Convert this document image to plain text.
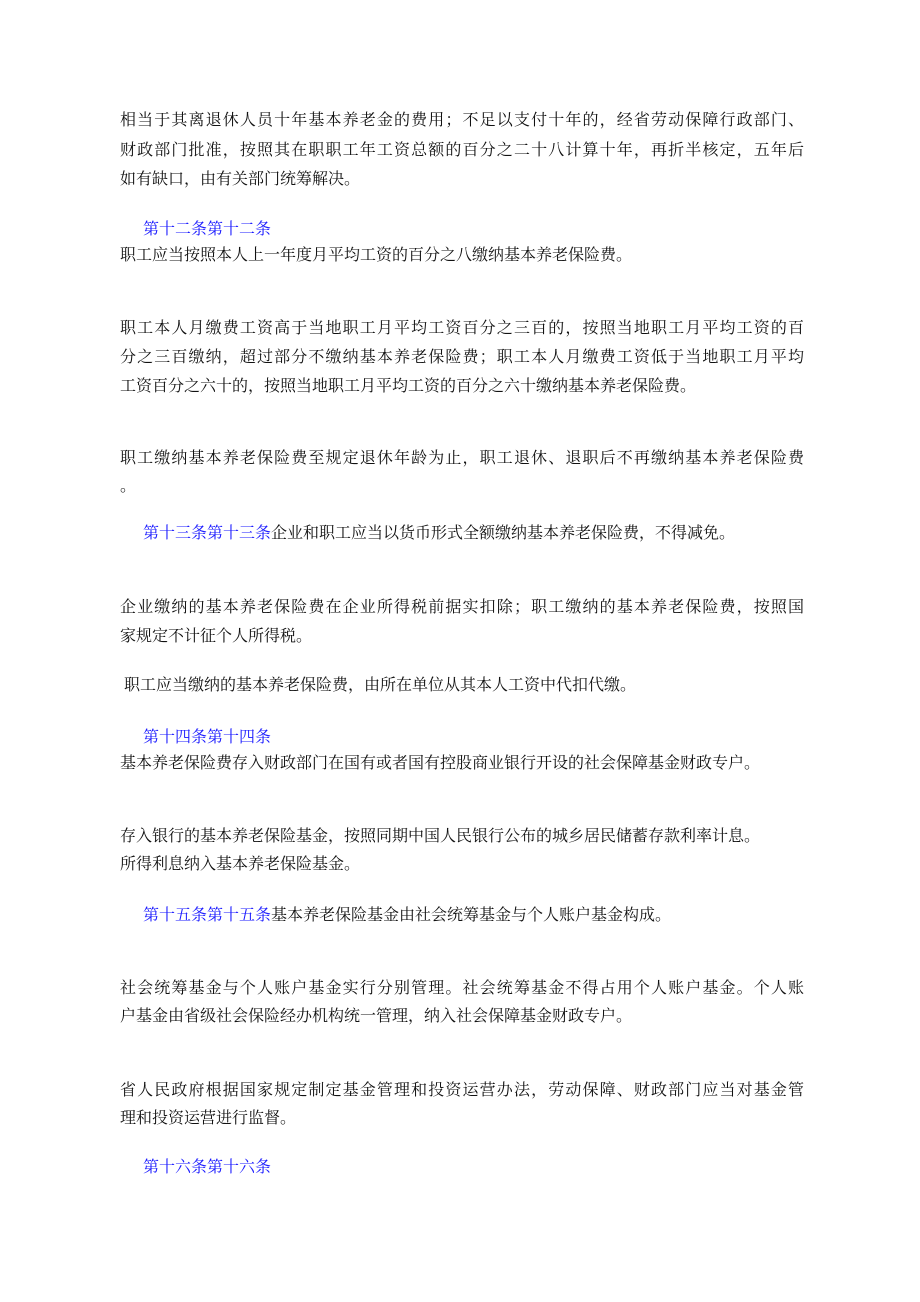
相当于其离退休人员十年基本养老金的费用；不足以支付十年的，经省劳动保障行政部门、
财政部门批准，按照其在职职工年工资总额的百分之二十八计算十年，再折半核定，五年后
如有缺口，由有关部门统筹解决。
第十二条第十二条
职工应当按照本人上一年度月平均工资的百分之八缴纳基本养老保险费。
职工本人月缴费工资高于当地职工月平均工资百分之三百的，按照当地职工月平均工资的百
分之三百缴纳，超过部分不缴纳基本养老保险费；职工本人月缴费工资低于当地职工月平均
工资百分之六十的，按照当地职工月平均工资的百分之六十缴纳基本养老保险费。
职工缴纳基本养老保险费至规定退休年龄为止，职工退休、退职后不再缴纳基本养老保险费
。
第十三条第十三条企业和职工应当以货币形式全额缴纳基本养老保险费，不得减免。
企业缴纳的基本养老保险费在企业所得税前据实扣除；职工缴纳的基本养老保险费，按照国
家规定不计征个人所得税。
职工应当缴纳的基本养老保险费，由所在单位从其本人工资中代扣代缴。
第十四条第十四条
基本养老保险费存入财政部门在国有或者国有控股商业银行开设的社会保障基金财政专户。
存入银行的基本养老保险基金，按照同期中国人民银行公布的城乡居民储蓄存款利率计息。
所得利息纳入基本养老保险基金。
第十五条第十五条基本养老保险基金由社会统筹基金与个人账户基金构成。
社会统筹基金与个人账户基金实行分别管理。社会统筹基金不得占用个人账户基金。个人账
户基金由省级社会保险经办机构统一管理，纳入社会保障基金财政专户。
省人民政府根据国家规定制定基金管理和投资运营办法，劳动保障、财政部门应当对基金管
理和投资运营进行监督。
第十六条第十六条
